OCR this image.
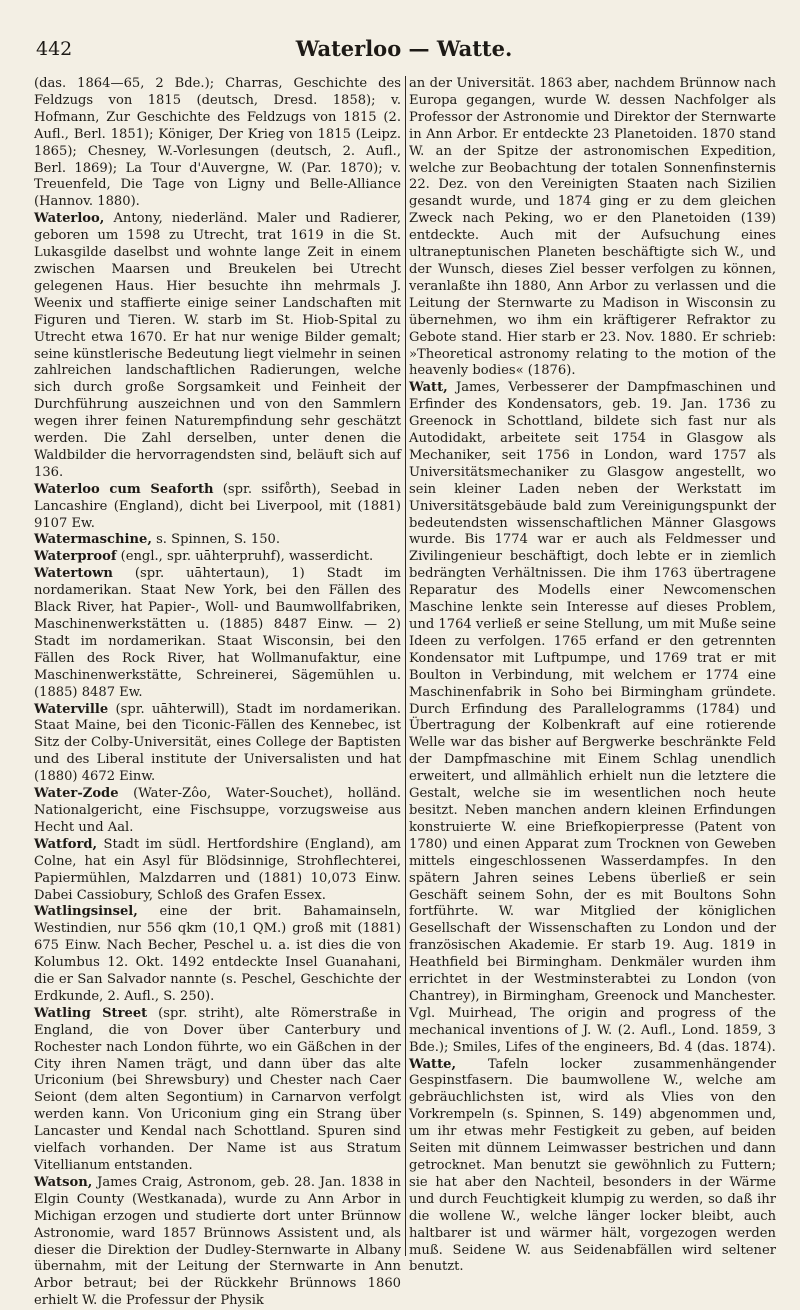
442	Waterloo — Watte.

(das. 1864—65, 2 Bde.); Charras, Geschichte des Feldzugs von 1815 (deutsch, Dresd. 1858); v. Hofmann, Zur Geschichte des Feldzugs von 1815 (2. Aufl., Berl. 1851); Königer, Der Krieg von 1815 (Leipz. 1865); Chesney, W.-Vorlesungen (deutsch, 2. Aufl., Berl. 1869); La Tour d'Auvergne, W. (Par. 1870); v. Treuenfeld, Die Tage von Ligny und Belle-Alliance (Hannov. 1880).

Waterloo, Antony, niederländ. Maler und Radierer, geboren um 1598 zu Utrecht, trat 1619 in die St. Lukasgilde daselbst und wohnte lange Zeit in einem zwischen Maarsen und Breukelen bei Utrecht gelegenen Haus. Hier besuchte ihn mehrmals J. Weenix und staffierte einige seiner Landschaften mit Figuren und Tieren. W. starb im St. Hiob-Spital zu Utrecht etwa 1670. Er hat nur wenige Bilder gemalt; seine künstlerische Bedeutung liegt vielmehr in seinen zahlreichen landschaftlichen Radierungen, welche sich durch große Sorgsamkeit und Feinheit der Durchführung auszeichnen und von den Sammlern wegen ihrer feinen Naturempfindung sehr geschätzt werden. Die Zahl derselben, unter denen die Waldbilder die hervorragendsten sind, beläuft sich auf 136.

Waterloo cum Seaforth (spr. ssifo̊rth), Seebad in Lancashire (England), dicht bei Liverpool, mit (1881) 9107 Ew.

Watermaschine, s. Spinnen, S. 150.

Waterproof (engl., spr. uāhterpruhf), wasserdicht.

Watertown (spr. uāhtertaun), 1) Stadt im nordamerikan. Staat New York, bei den Fällen des Black River, hat Papier-, Woll- und Baumwollfabriken, Maschinenwerkstätten u. (1885) 8487 Einw. — 2) Stadt im nordamerikan. Staat Wisconsin, bei den Fällen des Rock River, hat Wollmanufaktur, eine Maschinenwerkstätte, Schreinerei, Sägemühlen u. (1885) 8487 Ew.

Waterville (spr. uāhterwill), Stadt im nordamerikan. Staat Maine, bei den Ticonic-Fällen des Kennebec, ist Sitz der Colby-Universität, eines College der Baptisten und des Liberal institute der Universalisten und hat (1880) 4672 Einw.

Water-Zode (Water-Zôo, Water-Souchet), holländ. Nationalgericht, eine Fischsuppe, vorzugsweise aus Hecht und Aal.

Watford, Stadt im südl. Hertfordshire (England), am Colne, hat ein Asyl für Blödsinnige, Strohflechterei, Papiermühlen, Malzdarren und (1881) 10,073 Einw. Dabei Cassiobury, Schloß des Grafen Essex.

Watlingsinsel, eine der brit. Bahamainseln, Westindien, nur 556 qkm (10,1 QM.) groß mit (1881) 675 Einw. Nach Becher, Peschel u. a. ist dies die von Kolumbus 12. Okt. 1492 entdeckte Insel Guanahani, die er San Salvador nannte (s. Peschel, Geschichte der Erdkunde, 2. Aufl., S. 250).

Watling Street (spr. striht), alte Römerstraße in England, die von Dover über Canterbury und Rochester nach London führte, wo ein Gäßchen in der City ihren Namen trägt, und dann über das alte Uriconium (bei Shrewsbury) und Chester nach Caer Seiont (dem alten Segontium) in Carnarvon verfolgt werden kann. Von Uriconium ging ein Strang über Lancaster und Kendal nach Schottland. Spuren sind vielfach vorhanden. Der Name ist aus Stratum Vitellianum entstanden.

Watson, James Craig, Astronom, geb. 28. Jan. 1838 in Elgin County (Westkanada), wurde zu Ann Arbor in Michigan erzogen und studierte dort unter Brünnow Astronomie, ward 1857 Brünnows Assistent und, als dieser die Direktion der Dudley-Sternwarte in Albany übernahm, mit der Leitung der Sternwarte in Ann Arbor betraut; bei der Rückkehr Brünnows 1860 erhielt W. die Professur der Physik

an der Universität. 1863 aber, nachdem Brünnow nach Europa gegangen, wurde W. dessen Nachfolger als Professor der Astronomie und Direktor der Sternwarte in Ann Arbor. Er entdeckte 23 Planetoiden. 1870 stand W. an der Spitze der astronomischen Expedition, welche zur Beobachtung der totalen Sonnenfinsternis 22. Dez. von den Vereinigten Staaten nach Sizilien gesandt wurde, und 1874 ging er zu dem gleichen Zweck nach Peking, wo er den Planetoiden (139) entdeckte. Auch mit der Aufsuchung eines ultraneptunischen Planeten beschäftigte sich W., und der Wunsch, dieses Ziel besser verfolgen zu können, veranlaßte ihn 1880, Ann Arbor zu verlassen und die Leitung der Sternwarte zu Madison in Wisconsin zu übernehmen, wo ihm ein kräftigerer Refraktor zu Gebote stand. Hier starb er 23. Nov. 1880. Er schrieb: »Theoretical astronomy relating to the motion of the heavenly bodies« (1876).

Watt, James, Verbesserer der Dampfmaschinen und Erfinder des Kondensators, geb. 19. Jan. 1736 zu Greenock in Schottland, bildete sich fast nur als Autodidakt, arbeitete seit 1754 in Glasgow als Mechaniker, seit 1756 in London, ward 1757 als Universitätsmechaniker zu Glasgow angestellt, wo sein kleiner Laden neben der Werkstatt im Universitätsgebäude bald zum Vereinigungspunkt der bedeutendsten wissenschaftlichen Männer Glasgows wurde. Bis 1774 war er auch als Feldmesser und Zivilingenieur beschäftigt, doch lebte er in ziemlich bedrängten Verhältnissen. Die ihm 1763 übertragene Reparatur des Modells einer Newcomenschen Maschine lenkte sein Interesse auf dieses Problem, und 1764 verließ er seine Stellung, um mit Muße seine Ideen zu verfolgen. 1765 erfand er den getrennten Kondensator mit Luftpumpe, und 1769 trat er mit Boulton in Verbindung, mit welchem er 1774 eine Maschinenfabrik in Soho bei Birmingham gründete. Durch Erfindung des Parallelogramms (1784) und Übertragung der Kolbenkraft auf eine rotierende Welle war das bisher auf Bergwerke beschränkte Feld der Dampfmaschine mit Einem Schlag unendlich erweitert, und allmählich erhielt nun die letztere die Gestalt, welche sie im wesentlichen noch heute besitzt. Neben manchen andern kleinen Erfindungen konstruierte W. eine Briefkopierpresse (Patent von 1780) und einen Apparat zum Trocknen von Geweben mittels eingeschlossenen Wasserdampfes. In den spätern Jahren seines Lebens überließ er sein Geschäft seinem Sohn, der es mit Boultons Sohn fortführte. W. war Mitglied der königlichen Gesellschaft der Wissenschaften zu London und der französischen Akademie. Er starb 19. Aug. 1819 in Heathfield bei Birmingham. Denkmäler wurden ihm errichtet in der Westminsterabtei zu London (von Chantrey), in Birmingham, Greenock und Manchester. Vgl. Muirhead, The origin and progress of the mechanical inventions of J. W. (2. Aufl., Lond. 1859, 3 Bde.); Smiles, Lifes of the engineers, Bd. 4 (das. 1874).

Watte, Tafeln locker zusammenhängender Gespinstfasern. Die baumwollene W., welche am gebräuchlichsten ist, wird als Vlies von den Vorkrempeln (s. Spinnen, S. 149) abgenommen und, um ihr etwas mehr Festigkeit zu geben, auf beiden Seiten mit dünnem Leimwasser bestrichen und dann getrocknet. Man benutzt sie gewöhnlich zu Futtern; sie hat aber den Nachteil, besonders in der Wärme und durch Feuchtigkeit klumpig zu werden, so daß ihr die wollene W., welche länger locker bleibt, auch haltbarer ist und wärmer hält, vorgezogen werden muß. Seidene W. aus Seidenabfällen wird seltener benutzt.
